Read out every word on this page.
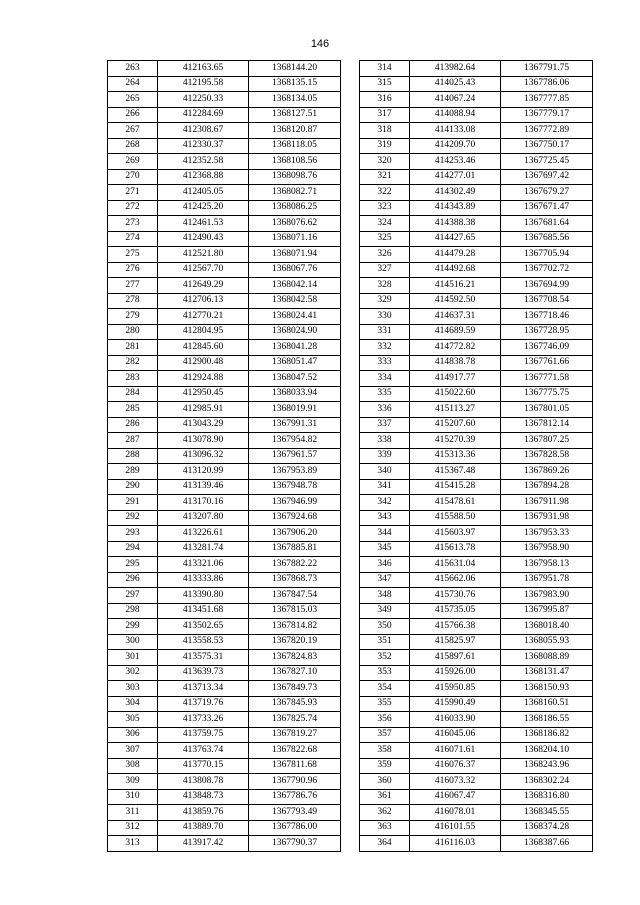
146
263	412163.65	1368144.20
264	412195.58	1368135.15
265	412250.33	1368134.05
266	412284.69	1368127.51
267	412308.67	1368120.87
268	412330.37	1368118.05
269	412352.58	1368108.56
270	412368.88	1368098.76
271	412405.05	1368082.71
272	412425.20	1368086.25
273	412461.53	1368076.62
274	412490.43	1368071.16
275	412521.80	1368071.94
276	412567.70	1368067.76
277	412649.29	1368042.14
278	412706.13	1368042.58
279	412770.21	1368024.41
280	412804.95	1368024.90
281	412845.60	1368041.28
282	412900.48	1368051.47
283	412924.88	1368047.52
284	412950.45	1368033.94
285	412985.91	1368019.91
286	413043.29	1367991.31
287	413078.90	1367954.82
288	413096.32	1367961.57
289	413120.99	1367953.89
290	413139.46	1367948.78
291	413170.16	1367946.99
292	413207.80	1367924.68
293	413226.61	1367906.20
294	413281.74	1367885.81
295	413321.06	1367882.22
296	413333.86	1367868.73
297	413390.80	1367847.54
298	413451.68	1367815.03
299	413502.65	1367814.82
300	413558.53	1367820.19
301	413575.31	1367824.83
302	413639.73	1367827.10
303	413713.34	1367849.73
304	413719.76	1367845.93
305	413733.26	1367825.74
306	413759.75	1367819.27
307	413763.74	1367822.68
308	413770.15	1367811.68
309	413808.78	1367790.96
310	413848.73	1367786.76
311	413859.76	1367793.49
312	413889.70	1367786.00
313	413917.42	1367790.37
314	413982.64	1367791.75
315	414025.43	1367786.06
316	414067.24	1367777.85
317	414088.94	1367779.17
318	414133.08	1367772.89
319	414209.70	1367750.17
320	414253.46	1367725.45
321	414277.01	1367697.42
322	414302.49	1367679.27
323	414343.89	1367671.47
324	414388.38	1367681.64
325	414427.65	1367685.56
326	414479.28	1367705.94
327	414492.68	1367702.72
328	414516.21	1367694.99
329	414592.50	1367708.54
330	414637.31	1367718.46
331	414689.59	1367728.95
332	414772.82	1367746.09
333	414838.78	1367761.66
334	414917.77	1367771.58
335	415022.60	1367775.75
336	415113.27	1367801.05
337	415207.60	1367812.14
338	415270.39	1367807.25
339	415313.36	1367828.58
340	415367.48	1367869.26
341	415415.28	1367894.28
342	415478.61	1367911.98
343	415588.50	1367931.98
344	415603.97	1367953.33
345	415613.78	1367958.90
346	415631.04	1367958.13
347	415662.06	1367951.78
348	415730.76	1367983.90
349	415735.05	1367995.87
350	415766.38	1368018.40
351	415825.97	1368055.93
352	415897.61	1368088.89
353	415926.00	1368131.47
354	415950.85	1368150.93
355	415990.49	1368160.51
356	416033.90	1368186.55
357	416045.06	1368186.82
358	416071.61	1368204.10
359	416076.37	1368243.96
360	416073.32	1368302.24
361	416067.47	1368316.80
362	416078.01	1368345.55
363	416101.55	1368374.28
364	416116.03	1368387.66
